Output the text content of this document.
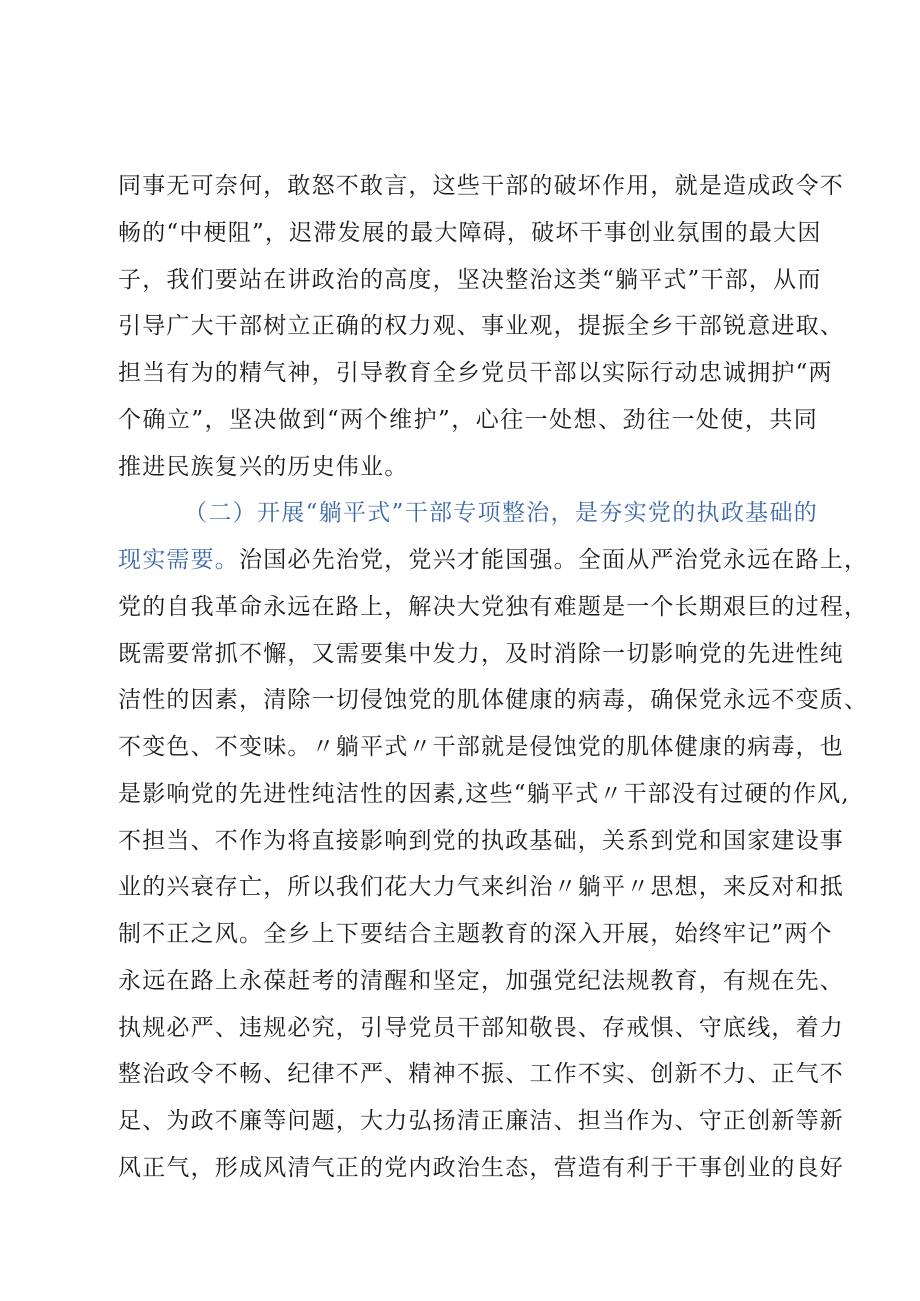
同事无可奈何，敢怒不敢言，这些干部的破坏作用，就是造成政令不
畅的“中梗阻”，迟滞发展的最大障碍，破坏干事创业氛围的最大因
子，我们要站在讲政治的高度，坚决整治这类“躺平式”干部，从而
引导广大干部树立正确的权力观、事业观，提振全乡干部锐意进取、
担当有为的精气神，引导教育全乡党员干部以实际行动忠诚拥护“两
个确立”，坚决做到“两个维护”，心往一处想、劲往一处使，共同
推进民族复兴的历史伟业。
（二）开展“躺平式”干部专项整治，是夯实党的执政基础的
现实需要。治国必先治党，党兴才能国强。全面从严治党永远在路上，
党的自我革命永远在路上，解决大党独有难题是一个长期艰巨的过程，
既需要常抓不懈，又需要集中发力，及时消除一切影响党的先进性纯
洁性的因素，清除一切侵蚀党的肌体健康的病毒，确保党永远不变质、
不变色、不变味。〃躺平式〃干部就是侵蚀党的肌体健康的病毒，也
是影响党的先进性纯洁性的因素,这些“躺平式〃干部没有过硬的作风,
不担当、不作为将直接影响到党的执政基础，关系到党和国家建设事
业的兴衰存亡，所以我们花大力气来纠治〃躺平〃思想，来反对和抵
制不正之风。全乡上下要结合主题教育的深入开展，始终牢记”两个
永远在路上永葆赶考的清醒和坚定，加强党纪法规教育，有规在先、
执规必严、违规必究，引导党员干部知敬畏、存戒惧、守底线，着力
整治政令不畅、纪律不严、精神不振、工作不实、创新不力、正气不
足、为政不廉等问题，大力弘扬清正廉洁、担当作为、守正创新等新
风正气，形成风清气正的党内政治生态，营造有利于干事创业的良好
